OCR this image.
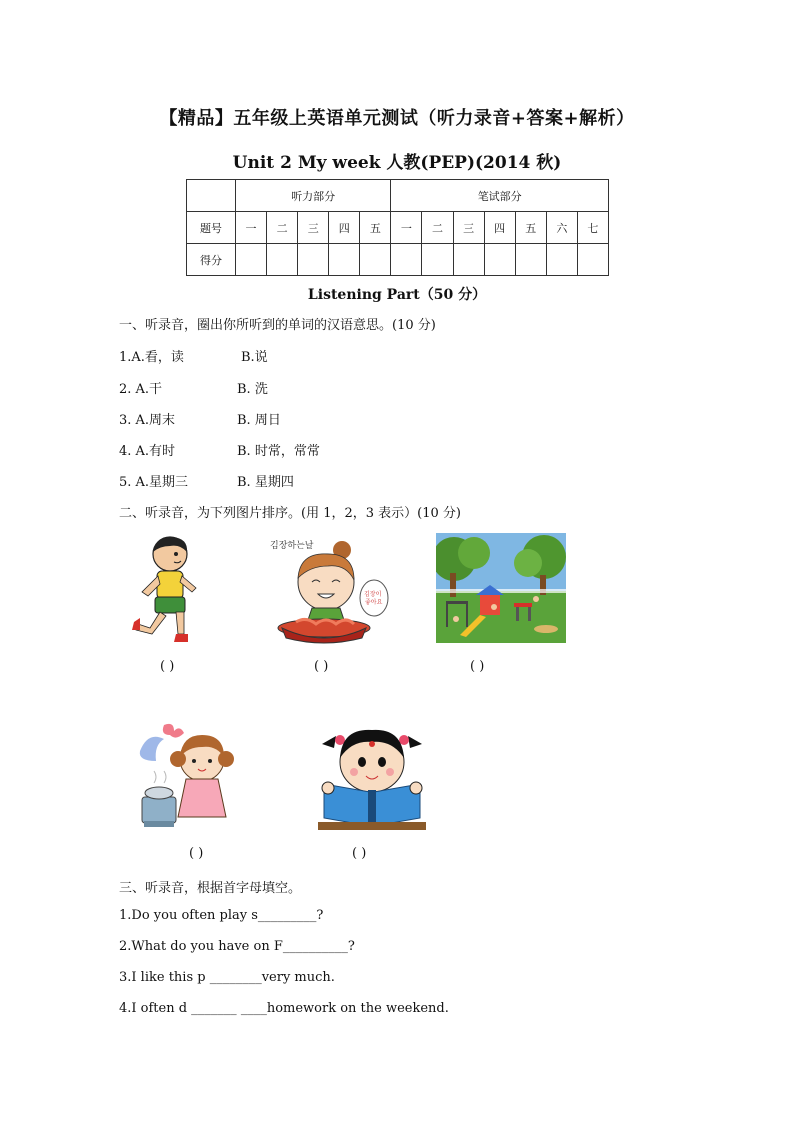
【精品】五年级上英语单元测试（听力录音+答案+解析）
Unit 2 My week 人教(PEP)(2014 秋)
	听力部分					笔试部分						
题号	一	二	三	四	五	一	二	三	四	五	六	七
得分												
Listening Part（50 分）
一、听录音，圈出你所听到的单词的汉语意思。(10 分)
1.A.看，读	B.说
2. A.干	B. 洗
3. A.周末	B. 周日
4. A.有时	B. 时常，常常
5. A.星期三	B. 星期四
二、听录音，为下列图片排序。(用 1，2，3 表示）(10 分)
김장하는날
김장이
좋아요
( )	( )	( )
( )	( )
三、听录音，根据首字母填空。
1.Do you often play s_________?
2.What do you have on F__________?
3.I like this p ________very much.
4.I often d _______ ____homework on the weekend.
